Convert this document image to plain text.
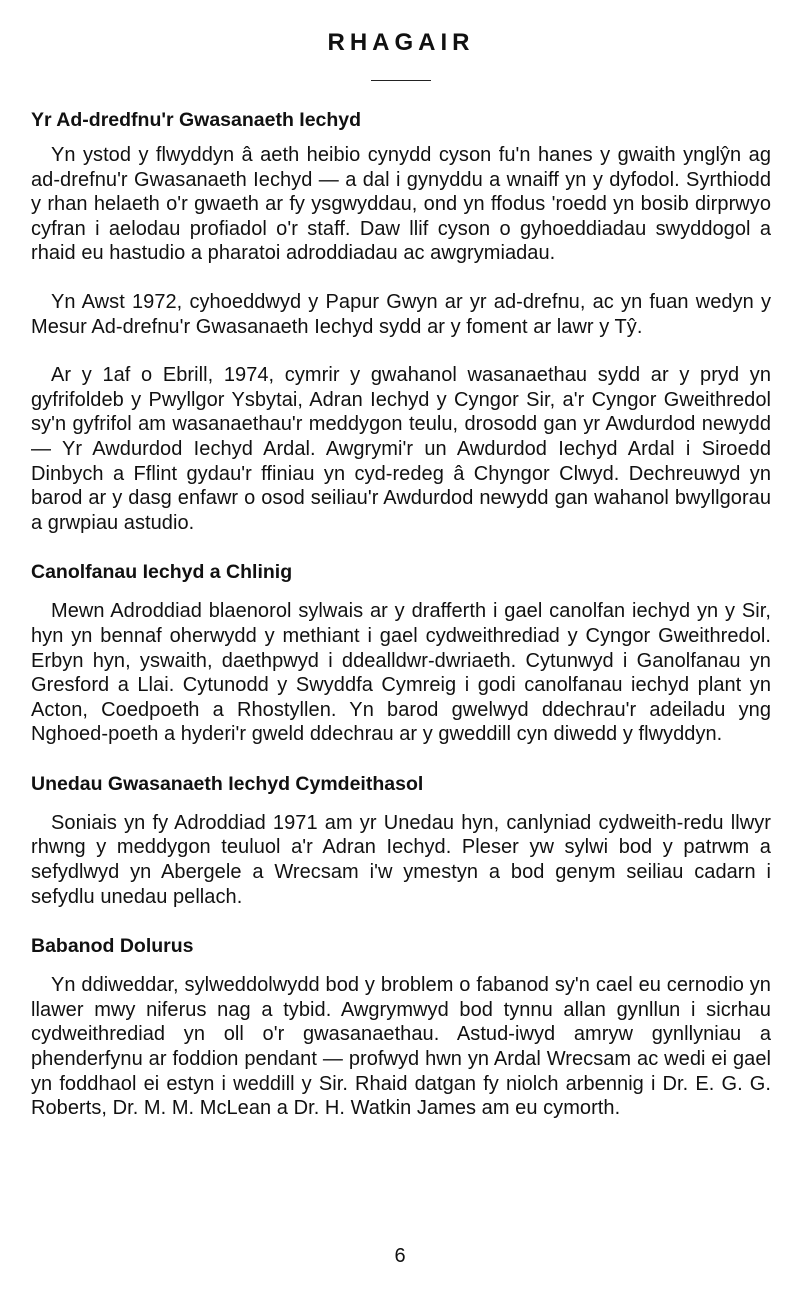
RHAGAIR
Yr Ad-dredfnu'r Gwasanaeth Iechyd

Yn ystod y flwyddyn â aeth heibio cynydd cyson fu'n hanes y gwaith ynglŷn ag ad-drefnu'r Gwasanaeth Iechyd — a dal i gynyddu a wnaiff yn y dyfodol. Syrthiodd y rhan helaeth o'r gwaeth ar fy ysgwyddau, ond yn ffodus 'roedd yn bosib dirprwyo cyfran i aelodau profiadol o'r staff. Daw llif cyson o gyhoeddiadau swyddogol a rhaid eu hastudio a pharatoi adroddiadau ac awgrymiadau.

Yn Awst 1972, cyhoeddwyd y Papur Gwyn ar yr ad-drefnu, ac yn fuan wedyn y Mesur Ad-drefnu'r Gwasanaeth Iechyd sydd ar y foment ar lawr y Tŷ.

Ar y 1af o Ebrill, 1974, cymrir y gwahanol wasanaethau sydd ar y pryd yn gyfrifoldeb y Pwyllgor Ysbytai, Adran Iechyd y Cyngor Sir, a'r Cyngor Gweithredol sy'n gyfrifol am wasanaethau'r meddygon teulu, drosodd gan yr Awdurdod newydd — Yr Awdurdod Iechyd Ardal. Awgrymi'r un Awdurdod Iechyd Ardal i Siroedd Dinbych a Fflint gydau'r ffiniau yn cyd-redeg â Chyngor Clwyd. Dechreuwyd yn barod ar y dasg enfawr o osod seiliau'r Awdurdod newydd gan wahanol bwyllgorau a grwpiau astudio.

Canolfanau Iechyd a Chlinig

Mewn Adroddiad blaenorol sylwais ar y drafferth i gael canolfan iechyd yn y Sir, hyn yn bennaf oherwydd y methiant i gael cydweithrediad y Cyngor Gweithredol. Erbyn hyn, yswaith, daethpwyd i ddealldwr-dwriaeth. Cytunwyd i Ganolfanau yn Gresford a Llai. Cytunodd y Swyddfa Cymreig i godi canolfanau iechyd plant yn Acton, Coedpoeth a Rhostyllen. Yn barod gwelwyd ddechrau'r adeiladu yng Nghoed-poeth a hyderi'r gweld ddechrau ar y gweddill cyn diwedd y flwyddyn.

Unedau Gwasanaeth Iechyd Cymdeithasol

Soniais yn fy Adroddiad 1971 am yr Unedau hyn, canlyniad cydweith-redu llwyr rhwng y meddygon teuluol a'r Adran Iechyd. Pleser yw sylwi bod y patrwm a sefydlwyd yn Abergele a Wrecsam i'w ymestyn a bod genym seiliau cadarn i sefydlu unedau pellach.

Babanod Dolurus

Yn ddiweddar, sylweddolwydd bod y broblem o fabanod sy'n cael eu cernodio yn llawer mwy niferus nag a tybid. Awgrymwyd bod tynnu allan gynllun i sicrhau cydweithrediad yn oll o'r gwasanaethau. Astud-iwyd amryw gynllyniau a phenderfynu ar foddion pendant — profwyd hwn yn Ardal Wrecsam ac wedi ei gael yn foddhaol ei estyn i weddill y Sir. Rhaid datgan fy niolch arbennig i Dr. E. G. G. Roberts, Dr. M. M. McLean a Dr. H. Watkin James am eu cymorth.

6
